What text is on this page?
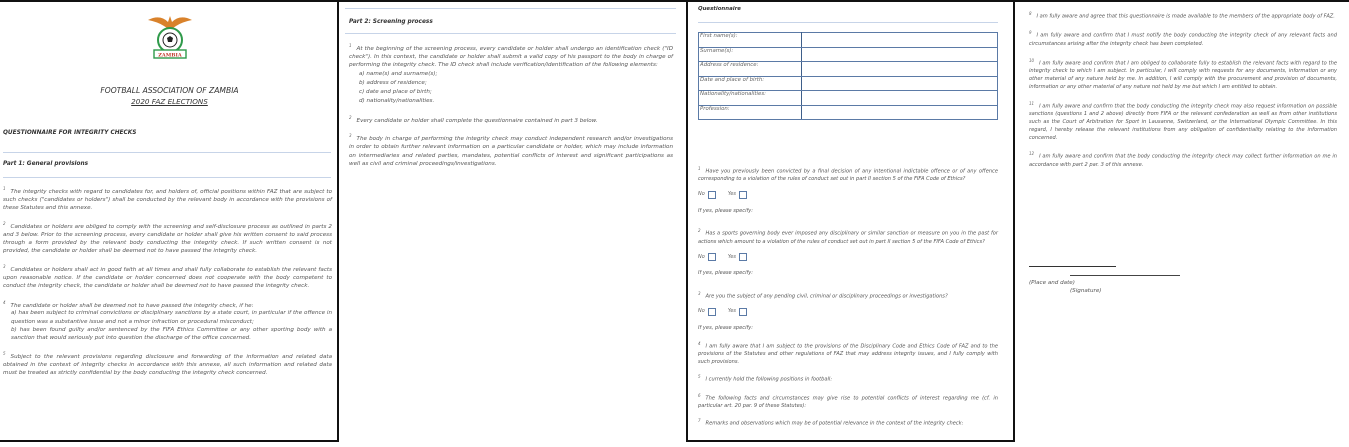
ZAMBIA
FOOTBALL ASSOCIATION OF ZAMBIA
2020 FAZ ELECTIONS
QUESTIONNAIRE FOR INTEGRITY CHECKS
Part 1: General provisions
$^1$The integrity checks with regard to candidates for, and holders of, official positions within FAZ that are subject to such checks ("candidates or holders") shall be conducted by the relevant body in accordance with the provisions of these Statutes and this annexe.
$^2$Candidates or holders are obliged to comply with the screening and self-disclosure process as outlined in parts 2 and 3 below. Prior to the screening process, every candidate or holder shall give his written consent to said process through a form provided by the relevant body conducting the integrity check. If such written consent is not provided, the candidate or holder shall be deemed not to have passed the integrity check.
$^3$Candidates or holders shall act in good faith at all times and shall fully collaborate to establish the relevant facts upon reasonable notice. If the candidate or holder concerned does not cooperate with the body competent to conduct the integrity check, the candidate or holder shall be deemed not to have passed the integrity check.
$^4$The candidate or holder shall be deemed not to have passed the integrity check, if he:
a) has been subject to criminal convictions or disciplinary sanctions by a state court, in particular if the offence in question was a substantive issue and not a minor infraction or procedural misconduct;
b) has been found guilty and/or sentenced by the FIFA Ethics Committee or any other sporting body with a sanction that would seriously put into question the discharge of the office concerned.
$^5$Subject to the relevant provisions regarding disclosure and forwarding of the information and related data obtained in the context of integrity checks in accordance with this annexe, all such information and related data must be treated as strictly confidential by the body conducting the integrity check concerned.
Part 2: Screening process
$^1$At the beginning of the screening process, every candidate or holder shall undergo an identification check ("ID check"). In this context, the candidate or holder shall submit a valid copy of his passport to the body in charge of performing the integrity check. The ID check shall include verification/identification of the following elements:
a) name(s) and surname(s);
b) address of residence;
c) date and place of birth;
d) nationality/nationalities.
$^2$Every candidate or holder shall complete the questionnaire contained in part 3 below.
$^3$The body in charge of performing the integrity check may conduct independent research and/or investigations in order to obtain further relevant information on a particular candidate or holder, which may include information on intermediaries and related parties, mandates, potential conflicts of interest and significant participations as well as civil and criminal proceedings/investigations.
Questionnaire
First name(s):	
Surname(s):	
Address of residence:	
Date and place of birth:	
Nationality/nationalities:	
Profession:	
$^1$Have you previously been convicted by a final decision of any intentional indictable offence or of any offence corresponding to a violation of the rules of conduct set out in part II section 5 of the FIFA Code of Ethics?
No	Yes
If yes, please specify:
$^2$Has a sports governing body ever imposed any disciplinary or similar sanction or measure on you in the past for actions which amount to a violation of the rules of conduct set out in part II section 5 of the FIFA Code of Ethics?
No	Yes
If yes, please specify:
$^3$Are you the subject of any pending civil, criminal or disciplinary proceedings or investigations?
No	Yes
If yes, please specify:
$^4$I am fully aware that I am subject to the provisions of the Disciplinary Code and Ethics Code of FAZ and to the provisions of the Statutes and other regulations of FAZ that may address integrity issues, and I fully comply with such provisions.
$^5$I currently hold the following positions in football:
$^6$The following facts and circumstances may give rise to potential conflicts of interest regarding me (cf. in particular art. 20 par. 9 of these Statutes):
$^7$Remarks and observations which may be of potential relevance in the context of the integrity check:
$^8$I am fully aware and agree that this questionnaire is made available to the members of the appropriate body of FAZ.
$^9$I am fully aware and confirm that I must notify the body conducting the integrity check of any relevant facts and circumstances arising after the integrity check has been completed.
$^{10}$I am fully aware and confirm that I am obliged to collaborate fully to establish the relevant facts with regard to the integrity check to which I am subject. In particular, I will comply with requests for any documents, information or any other material of any nature held by me. In addition, I will comply with the procurement and provision of documents, information or any other material of any nature not held by me but which I am entitled to obtain.
$^{11}$I am fully aware and confirm that the body conducting the integrity check may also request information on possible sanctions (questions 1 and 2 above) directly from FIFA or the relevant confederation as well as from other institutions such as the Court of Arbitration for Sport in Lausanne, Switzerland, or the International Olympic Committee. In this regard, I hereby release the relevant institutions from any obligation of confidentiality relating to the information concerned.
$^{12}$I am fully aware and confirm that the body conducting the integrity check may collect further information on me in accordance with part 2 par. 3 of this annexe.
(Place and date)
(Signature)
